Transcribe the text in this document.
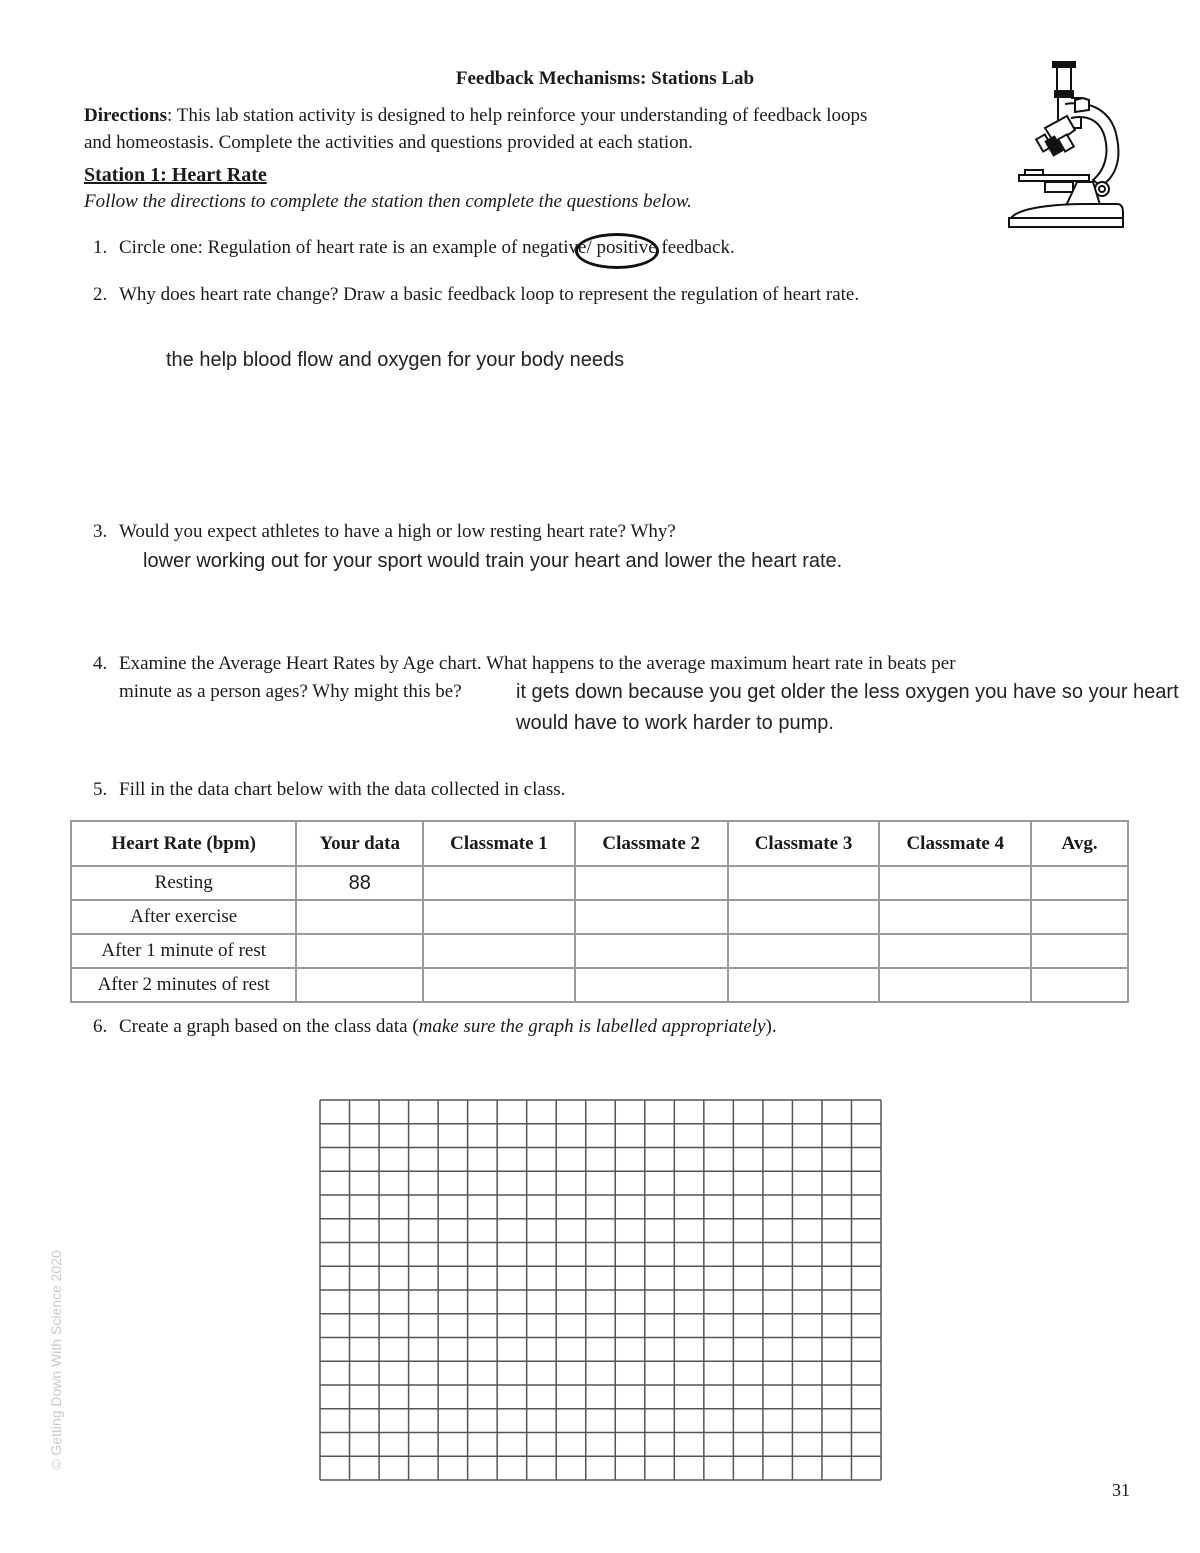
Feedback Mechanisms: Stations Lab
Directions: This lab station activity is designed to help reinforce your understanding of feedback loops
and homeostasis. Complete the activities and questions provided at each station.
Station 1: Heart Rate
Follow the directions to complete the station then complete the questions below.
1. Circle one: Regulation of heart rate is an example of negative/ positive feedback.
2. Why does heart rate change? Draw a basic feedback loop to represent the regulation of heart rate.
the help blood flow and oxygen for your body needs
3. Would you expect athletes to have a high or low resting heart rate? Why?
lower working out for your sport would train your heart and lower the heart rate.
4. Examine the Average Heart Rates by Age chart. What happens to the average maximum heart rate in beats per
minute as a person ages? Why might this be?	it gets down because you get older the less oxygen you have so your heart
would have to work harder to pump.
5. Fill in the data chart below with the data collected in class.
Heart Rate (bpm)	Your data	Classmate 1	Classmate 2	Classmate 3	Classmate 4	Avg.
Resting	88					
After exercise						
After 1 minute of rest						
After 2 minutes of rest						
6. Create a graph based on the class data (make sure the graph is labelled appropriately).
© Getting Down With Science 2020
31
